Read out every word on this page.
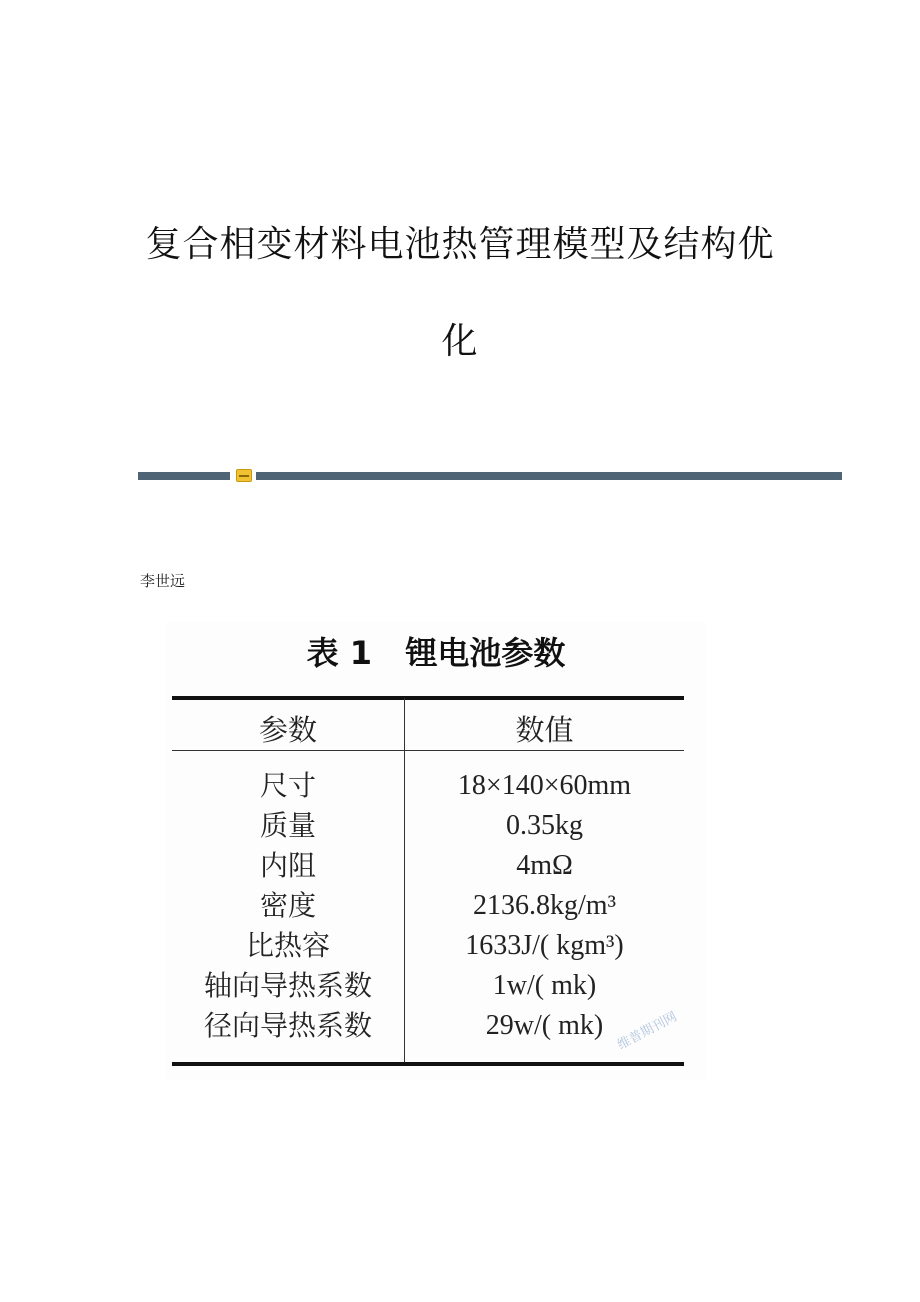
复合相变材料电池热管理模型及结构优
化
李世远
表 1   锂电池参数
参数	数值
尺寸	18×140×60mm
质量	0.35kg
内阻	4mΩ
密度	2136.8kg/m³
比热容	1633J/( kgm³)
轴向导热系数	1w/( mk)
径向导热系数	29w/( mk) 维普期刊网
